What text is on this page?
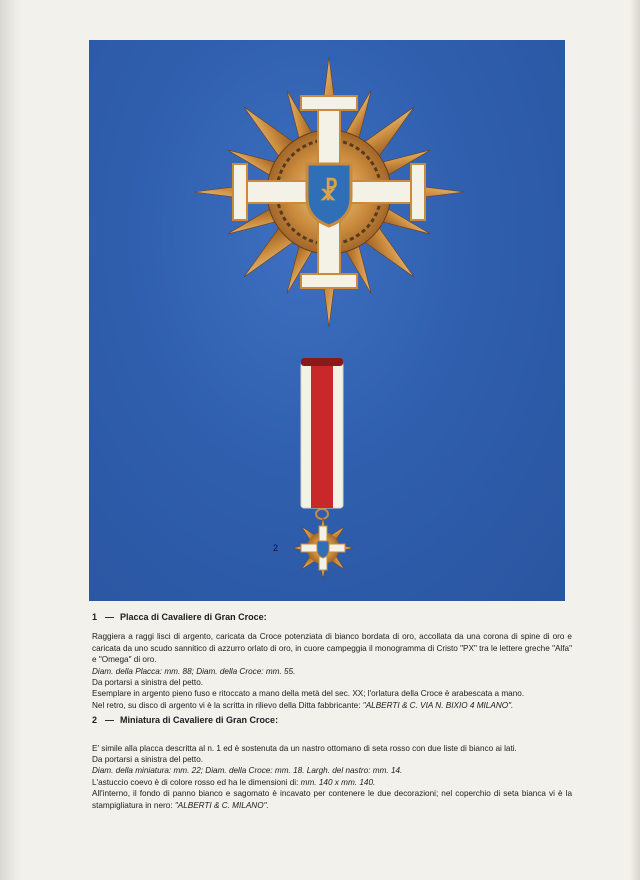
☧
2
1 — Placca di Cavaliere di Gran Croce:

Raggiera a raggi lisci di argento, caricata da Croce potenziata di bianco bordata di oro, accollata da una corona di spine di oro e caricata da uno scudo sannitico di azzurro orlato di oro, in cuore campeggia il monogramma di Cristo "PX" tra le lettere greche "Alfa" e "Omega" di oro.

Diam. della Placca: mm. 88; Diam. della Croce: mm. 55.

Da portarsi a sinistra del petto.

Esemplare in argento pieno fuso e ritoccato a mano della metà del sec. XX; l'orlatura della Croce è arabescata a mano.

Nel retro, su disco di argento vi è la scritta in rilievo della Ditta fabbricante: "ALBERTI & C. VIA N. BIXIO 4 MILANO".

2 — Miniatura di Cavaliere di Gran Croce:

E' simile alla placca descritta al n. 1 ed è sostenuta da un nastro ottomano di seta rosso con due liste di bianco ai lati.

Da portarsi a sinistra del petto.

Diam. della miniatura: mm. 22; Diam. della Croce: mm. 18. Largh. del nastro: mm. 14.

L'astuccio coevo è di colore rosso ed ha le dimensioni di: mm. 140 x mm. 140.

All'interno, il fondo di panno bianco e sagomato è incavato per contenere le due decorazioni; nel coperchio di seta bianca vi è la stampigliatura in nero: "ALBERTI & C. MILANO".
